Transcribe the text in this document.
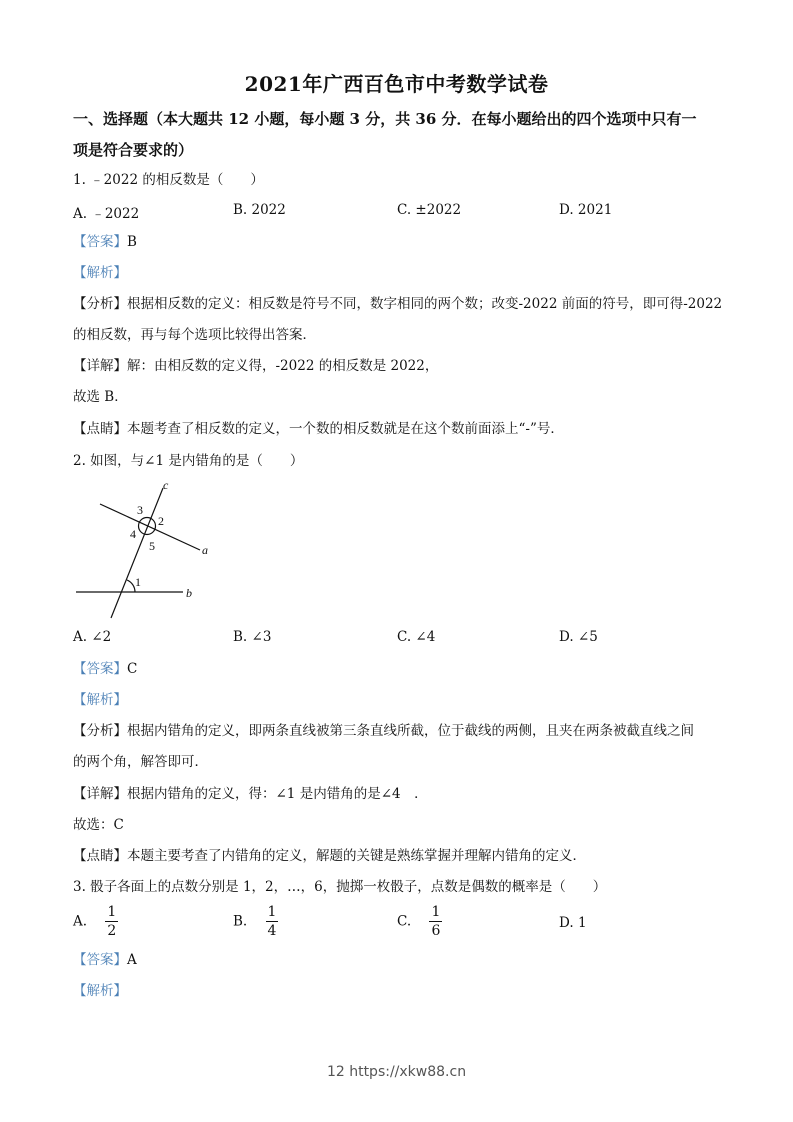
2021年广西百色市中考数学试卷
一、选择题（本大题共 12 小题，每小题 3 分，共 36 分．在每小题给出的四个选项中只有一
项是符合要求的）
1. ﹣2022 的相反数是（　　）
A. ﹣2022	B. 2022	C. ±2022	D. 2021
【答案】B
【解析】
【分析】根据相反数的定义：相反数是符号不同，数字相同的两个数；改变-2022 前面的符号，即可得-2022
的相反数，再与每个选项比较得出答案．
【详解】解：由相反数的定义得，-2022 的相反数是 2022，
故选 B．
【点睛】本题考查了相反数的定义，一个数的相反数就是在这个数前面添上“-”号．
2. 如图，与∠1 是内错角的是（　　）
c
3
2
4
5	a
1
b
A. ∠2	B. ∠3	C. ∠4	D. ∠5
【答案】C
【解析】
【分析】根据内错角的定义，即两条直线被第三条直线所截，位于截线的两侧，且夹在两条被截直线之间
的两个角，解答即可．
【详解】根据内错角的定义，得：∠1 是内错角的是∠4　．
故选：C
【点睛】本题主要考查了内错角的定义，解题的关键是熟练掌握并理解内错角的定义．
3. 骰子各面上的点数分别是 1，2，…，6，抛掷一枚骰子，点数是偶数的概率是（　　）
A. $\frac{1}{2}$	B. $\frac{1}{4}$	C. $\frac{1}{6}$	D. 1
【答案】A
【解析】
12 https://xkw88.cn
